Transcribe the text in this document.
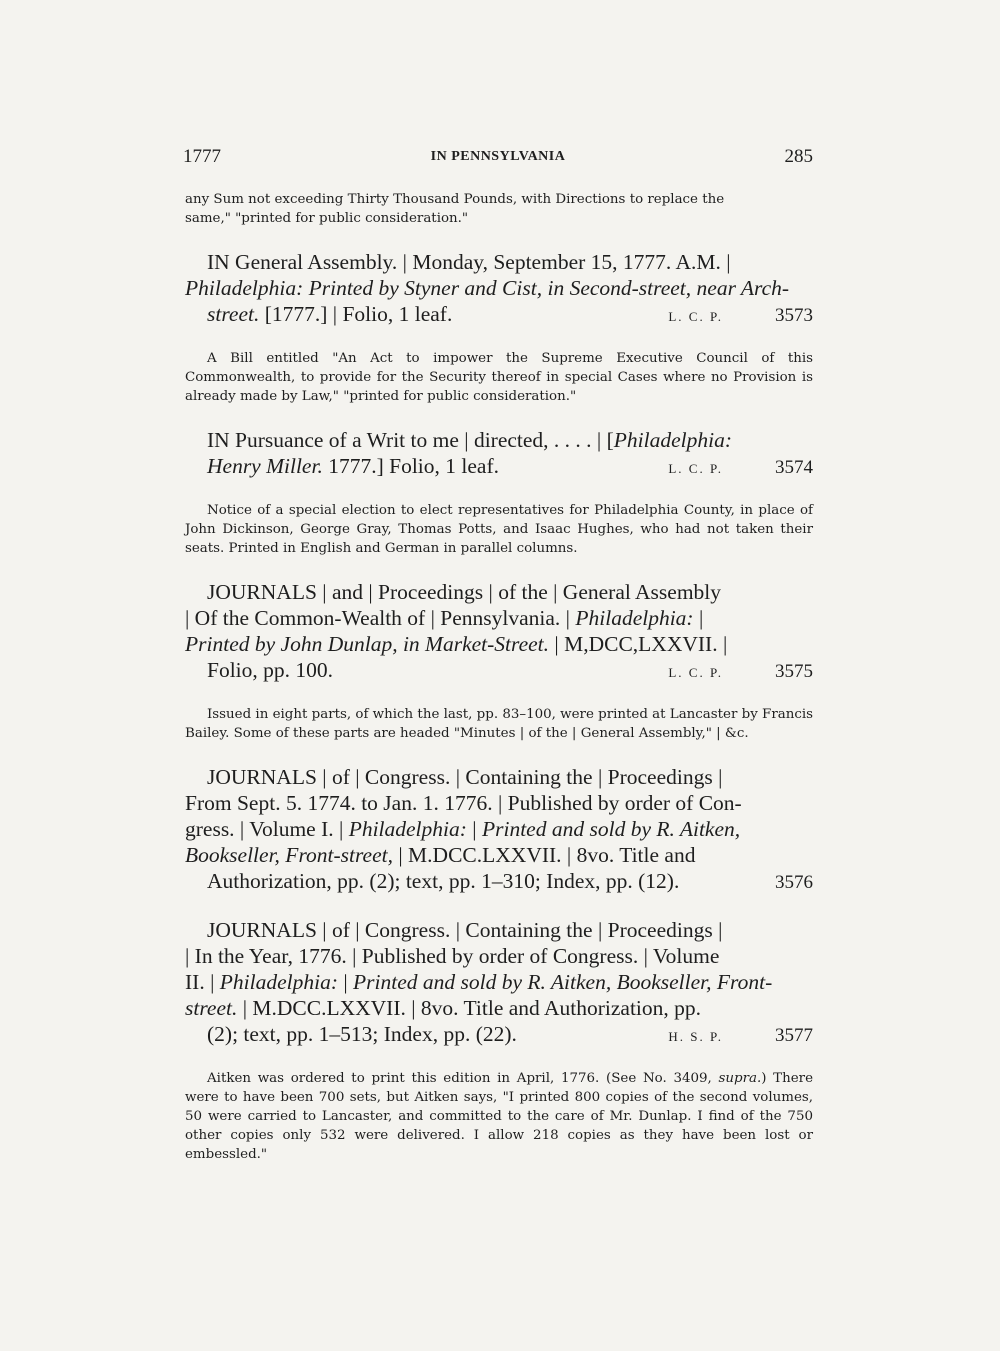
1777	IN PENNSYLVANIA	285

any Sum not exceeding Thirty Thousand Pounds, with Directions to replace the
same," "printed for public consideration."

IN General Assembly. | Monday, September 15, 1777. A.M. |
Philadelphia: Printed by Styner and Cist, in Second-street, near Arch-

street. [1777.] | Folio, 1 leaf.	L. C. P.	3573

A Bill entitled "An Act to impower the Supreme Executive Council of this Commonwealth, to provide for the Security thereof in special Cases where no Provision is already made by Law," "printed for public consideration."

IN Pursuance of a Writ to me | directed, . . . . | [Philadelphia:

Henry Miller. 1777.] Folio, 1 leaf.	L. C. P.	3574

Notice of a special election to elect representatives for Philadelphia County, in place of John Dickinson, George Gray, Thomas Potts, and Isaac Hughes, who had not taken their seats. Printed in English and German in parallel columns.

JOURNALS | and | Proceedings | of the | General Assembly
| Of the Common-Wealth of | Pennsylvania. | Philadelphia: |
Printed by John Dunlap, in Market-Street. | M,DCC,LXXVII. |

Folio, pp. 100.	L. C. P.	3575

Issued in eight parts, of which the last, pp. 83–100, were printed at Lancaster by Francis Bailey. Some of these parts are headed "Minutes | of the | General Assembly," | &c.

JOURNALS | of | Congress. | Containing the | Proceedings |
From Sept. 5. 1774. to Jan. 1. 1776. | Published by order of Con-
gress. | Volume I. | Philadelphia: | Printed and sold by R. Aitken,
Bookseller, Front-street, | M.DCC.LXXVII. | 8vo. Title and

Authorization, pp. (2); text, pp. 1–310; Index, pp. (12).	3576

JOURNALS | of | Congress. | Containing the | Proceedings |
| In the Year, 1776. | Published by order of Congress. | Volume
II. | Philadelphia: | Printed and sold by R. Aitken, Bookseller, Front-
street. | M.DCC.LXXVII. | 8vo. Title and Authorization, pp.

(2); text, pp. 1–513; Index, pp. (22).	H. S. P.	3577

Aitken was ordered to print this edition in April, 1776. (See No. 3409, supra.) There were to have been 700 sets, but Aitken says, "I printed 800 copies of the second volumes, 50 were carried to Lancaster, and committed to the care of Mr. Dunlap. I find of the 750 other copies only 532 were delivered. I allow 218 copies as they have been lost or embessled."
